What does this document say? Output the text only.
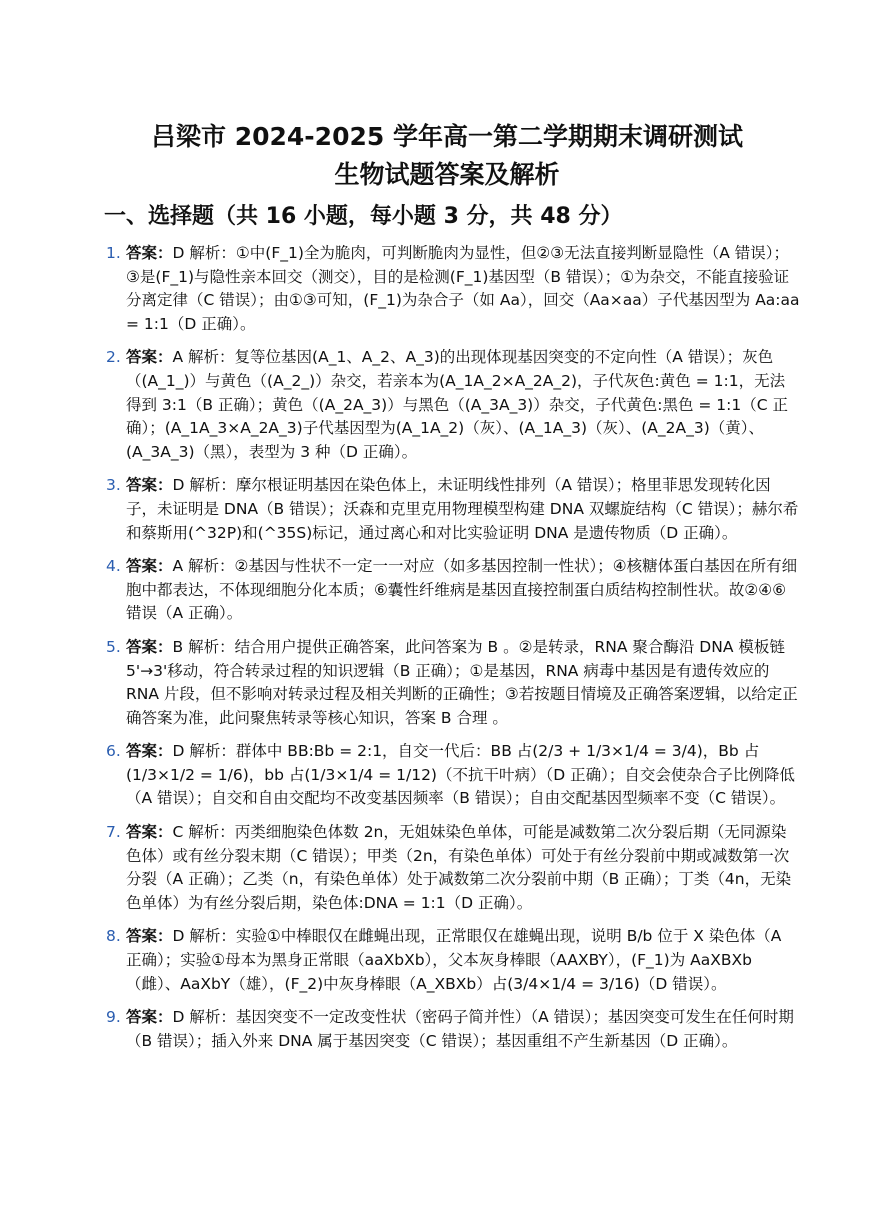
吕梁市 2024-2025 学年高一第二学期期末调研测试
生物试题答案及解析
一、选择题（共 16 小题，每小题 3 分，共 48 分）
1. 答案：D 解析：①中(F_1)全为脆肉，可判断脆肉为显性，但②③无法直接判断显隐性（A 错误）；③是(F_1)与隐性亲本回交（测交），目的是检测(F_1)基因型（B 错误）；①为杂交，不能直接验证分离定律（C 错误）；由①③可知，(F_1)为杂合子（如 Aa），回交（Aa×aa）子代基因型为 Aa:aa = 1:1（D 正确）。
2. 答案：A 解析：复等位基因(A_1、A_2、A_3)的出现体现基因突变的不定向性（A 错误）；灰色（(A_1_)）与黄色（(A_2_)）杂交，若亲本为(A_1A_2×A_2A_2)，子代灰色:黄色 = 1:1，无法得到 3:1（B 正确）；黄色（(A_2A_3)）与黑色（(A_3A_3)）杂交，子代黄色:黑色 = 1:1（C 正确）；(A_1A_3×A_2A_3)子代基因型为(A_1A_2)（灰）、(A_1A_3)（灰）、(A_2A_3)（黄）、(A_3A_3)（黑），表型为 3 种（D 正确）。
3. 答案：D 解析：摩尔根证明基因在染色体上，未证明线性排列（A 错误）；格里菲思发现转化因子，未证明是 DNA（B 错误）；沃森和克里克用物理模型构建 DNA 双螺旋结构（C 错误）；赫尔希和蔡斯用(^32P)和(^35S)标记，通过离心和对比实验证明 DNA 是遗传物质（D 正确）。
4. 答案：A 解析：②基因与性状不一定一一对应（如多基因控制一性状）；④核糖体蛋白基因在所有细胞中都表达，不体现细胞分化本质；⑥囊性纤维病是基因直接控制蛋白质结构控制性状。故②④⑥错误（A 正确）。
5. 答案：B 解析：结合用户提供正确答案，此问答案为 B 。②是转录，RNA 聚合酶沿 DNA 模板链 5'→3'移动，符合转录过程的知识逻辑（B 正确）；①是基因，RNA 病毒中基因是有遗传效应的 RNA 片段，但不影响对转录过程及相关判断的正确性；③若按题目情境及正确答案逻辑，以给定正确答案为准，此问聚焦转录等核心知识，答案 B 合理 。
6. 答案：D 解析：群体中 BB:Bb = 2:1，自交一代后：BB 占(2/3 + 1/3×1/4 = 3/4)，Bb 占(1/3×1/2 = 1/6)，bb 占(1/3×1/4 = 1/12)（不抗干叶病）（D 正确）；自交会使杂合子比例降低（A 错误）；自交和自由交配均不改变基因频率（B 错误）；自由交配基因型频率不变（C 错误）。
7. 答案：C 解析：丙类细胞染色体数 2n，无姐妹染色单体，可能是减数第二次分裂后期（无同源染色体）或有丝分裂末期（C 错误）；甲类（2n，有染色单体）可处于有丝分裂前中期或减数第一次分裂（A 正确）；乙类（n，有染色单体）处于减数第二次分裂前中期（B 正确）；丁类（4n，无染色单体）为有丝分裂后期，染色体:DNA = 1:1（D 正确）。
8. 答案：D 解析：实验①中棒眼仅在雌蝇出现，正常眼仅在雄蝇出现，说明 B/b 位于 X 染色体（A 正确）；实验①母本为黑身正常眼（aaXbXb），父本灰身棒眼（AAXBY），(F_1)为 AaXBXb（雌）、AaXbY（雄），(F_2)中灰身棒眼（A_XBXb）占(3/4×1/4 = 3/16)（D 错误）。
9. 答案：D 解析：基因突变不一定改变性状（密码子简并性）（A 错误）；基因突变可发生在任何时期（B 错误）；插入外来 DNA 属于基因突变（C 错误）；基因重组不产生新基因（D 正确）。
